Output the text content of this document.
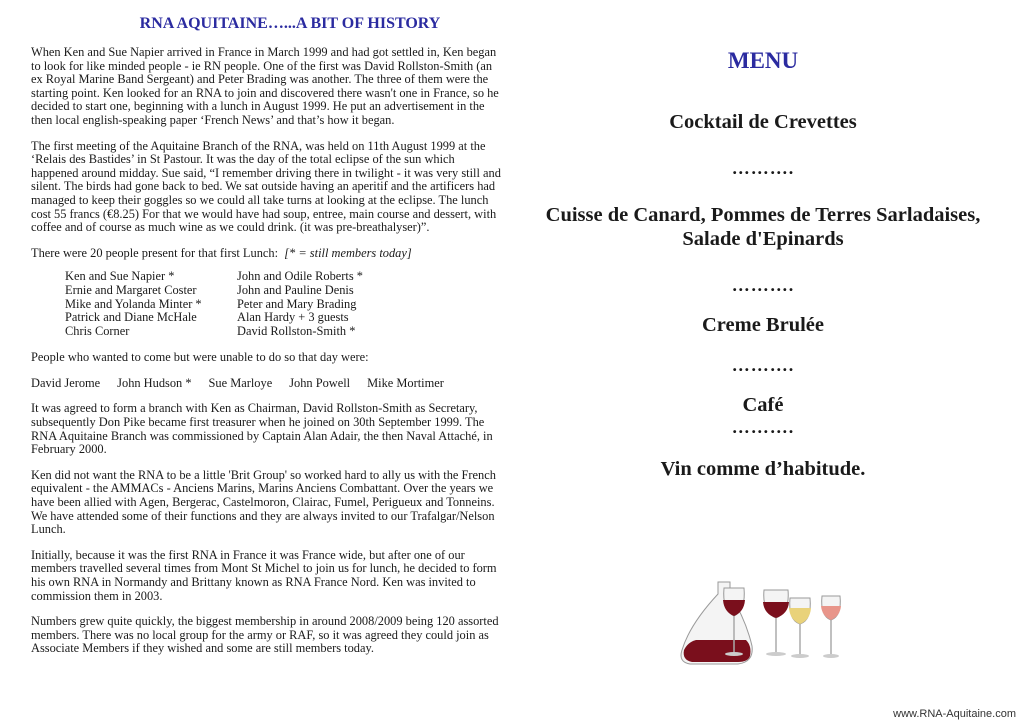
RNA AQUITAINE…...A BIT OF HISTORY

When Ken and Sue Napier arrived in France in March 1999 and had got settled in, Ken began to look for like minded people - ie RN people. One of the first was David Rollston-Smith (an ex Royal Marine Band Sergeant) and Peter Brading was another. The three of them were the starting point. Ken looked for an RNA to join and discovered there wasn't one in France, so he decided to start one, beginning with a lunch in August 1999. He put an advertisement in the then local english-speaking paper ‘French News’ and that’s how it began.

The first meeting of the Aquitaine Branch of the RNA, was held on 11th August 1999 at the ‘Relais des Bastides’ in St Pastour. It was the day of the total eclipse of the sun which happened around midday. Sue said, “I remember driving there in twilight - it was very still and silent. The birds had gone back to bed. We sat outside having an aperitif and the artificers had managed to keep their goggles so we could all take turns at looking at the eclipse. The lunch cost 55 francs (€8.25) For that we would have had soup, entree, main course and dessert, with coffee and of course as much wine as we could drink. (it was pre-breathalyser)”.

There were 20 people present for that first Lunch: [* = still members today]

Ken and Sue Napier *	John and Odile Roberts *
Ernie and Margaret Coster	John and Pauline Denis
Mike and Yolanda Minter *	Peter and Mary Brading
Patrick and Diane McHale	Alan Hardy + 3 guests
Chris Corner	David Rollston-Smith *

People who wanted to come but were unable to do so that day were:

David Jerome John Hudson * Sue Marloye John Powell Mike Mortimer

It was agreed to form a branch with Ken as Chairman, David Rollston-Smith as Secretary, subsequently Don Pike became first treasurer when he joined on 30th September 1999. The RNA Aquitaine Branch was commissioned by Captain Alan Adair, the then Naval Attaché, in February 2000.

Ken did not want the RNA to be a little 'Brit Group' so worked hard to ally us with the French equivalent - the AMMACs - Anciens Marins, Marins Anciens Combattant. Over the years we have been allied with Agen, Bergerac, Castelmoron, Clairac, Fumel, Perigueux and Tonneins. We have attended some of their functions and they are always invited to our Trafalgar/Nelson Lunch.

Initially, because it was the first RNA in France it was France wide, but after one of our members travelled several times from Mont St Michel to join us for lunch, he decided to form his own RNA in Normandy and Brittany known as RNA France Nord. Ken was invited to commission them in 2003.

Numbers grew quite quickly, the biggest membership in around 2008/2009 being 120 assorted members. There was no local group for the army or RAF, so it was agreed they could join as Associate Members if they wished and some are still members today.

MENU
Cocktail de Crevettes
……….
Cuisse de Canard, Pommes de Terres Sarladaises,
Salade d'Epinards
……….
Creme Brulée
……….
Café
……….
Vin comme d’habitude.
www.RNA-Aquitaine.com
